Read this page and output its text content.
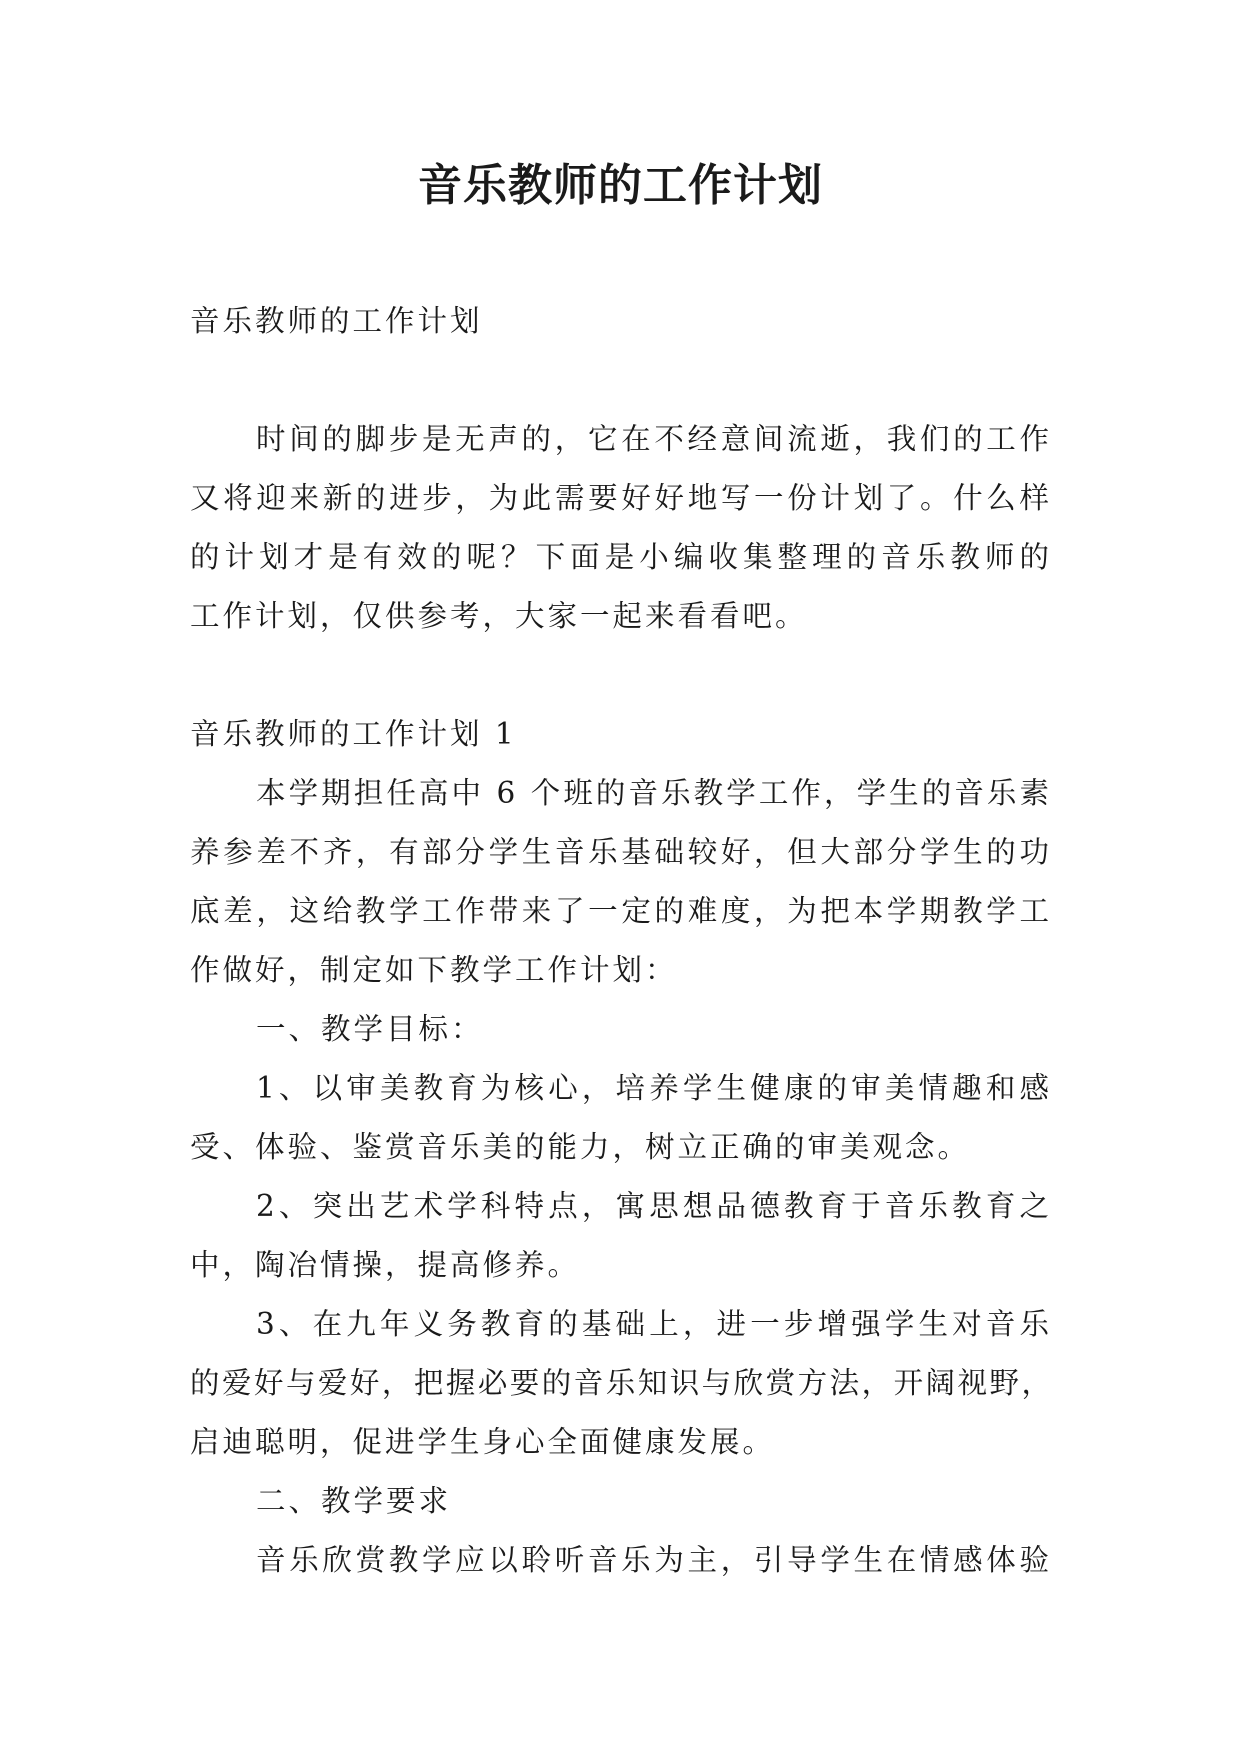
音乐教师的工作计划
音乐教师的工作计划
时间的脚步是无声的，它在不经意间流逝，我们的工作
又将迎来新的进步，为此需要好好地写一份计划了。什么样
的计划才是有效的呢？下面是小编收集整理的音乐教师的
工作计划，仅供参考，大家一起来看看吧。
音乐教师的工作计划 1
本学期担任高中 6 个班的音乐教学工作，学生的音乐素
养参差不齐，有部分学生音乐基础较好，但大部分学生的功
底差，这给教学工作带来了一定的难度，为把本学期教学工
作做好，制定如下教学工作计划：
一、教学目标：
1、以审美教育为核心，培养学生健康的审美情趣和感
受、体验、鉴赏音乐美的能力，树立正确的审美观念。
2、突出艺术学科特点，寓思想品德教育于音乐教育之
中，陶冶情操，提高修养。
3、在九年义务教育的基础上，进一步增强学生对音乐
的爱好与爱好，把握必要的音乐知识与欣赏方法，开阔视野，
启迪聪明，促进学生身心全面健康发展。
二、教学要求
音乐欣赏教学应以聆听音乐为主，引导学生在情感体验
